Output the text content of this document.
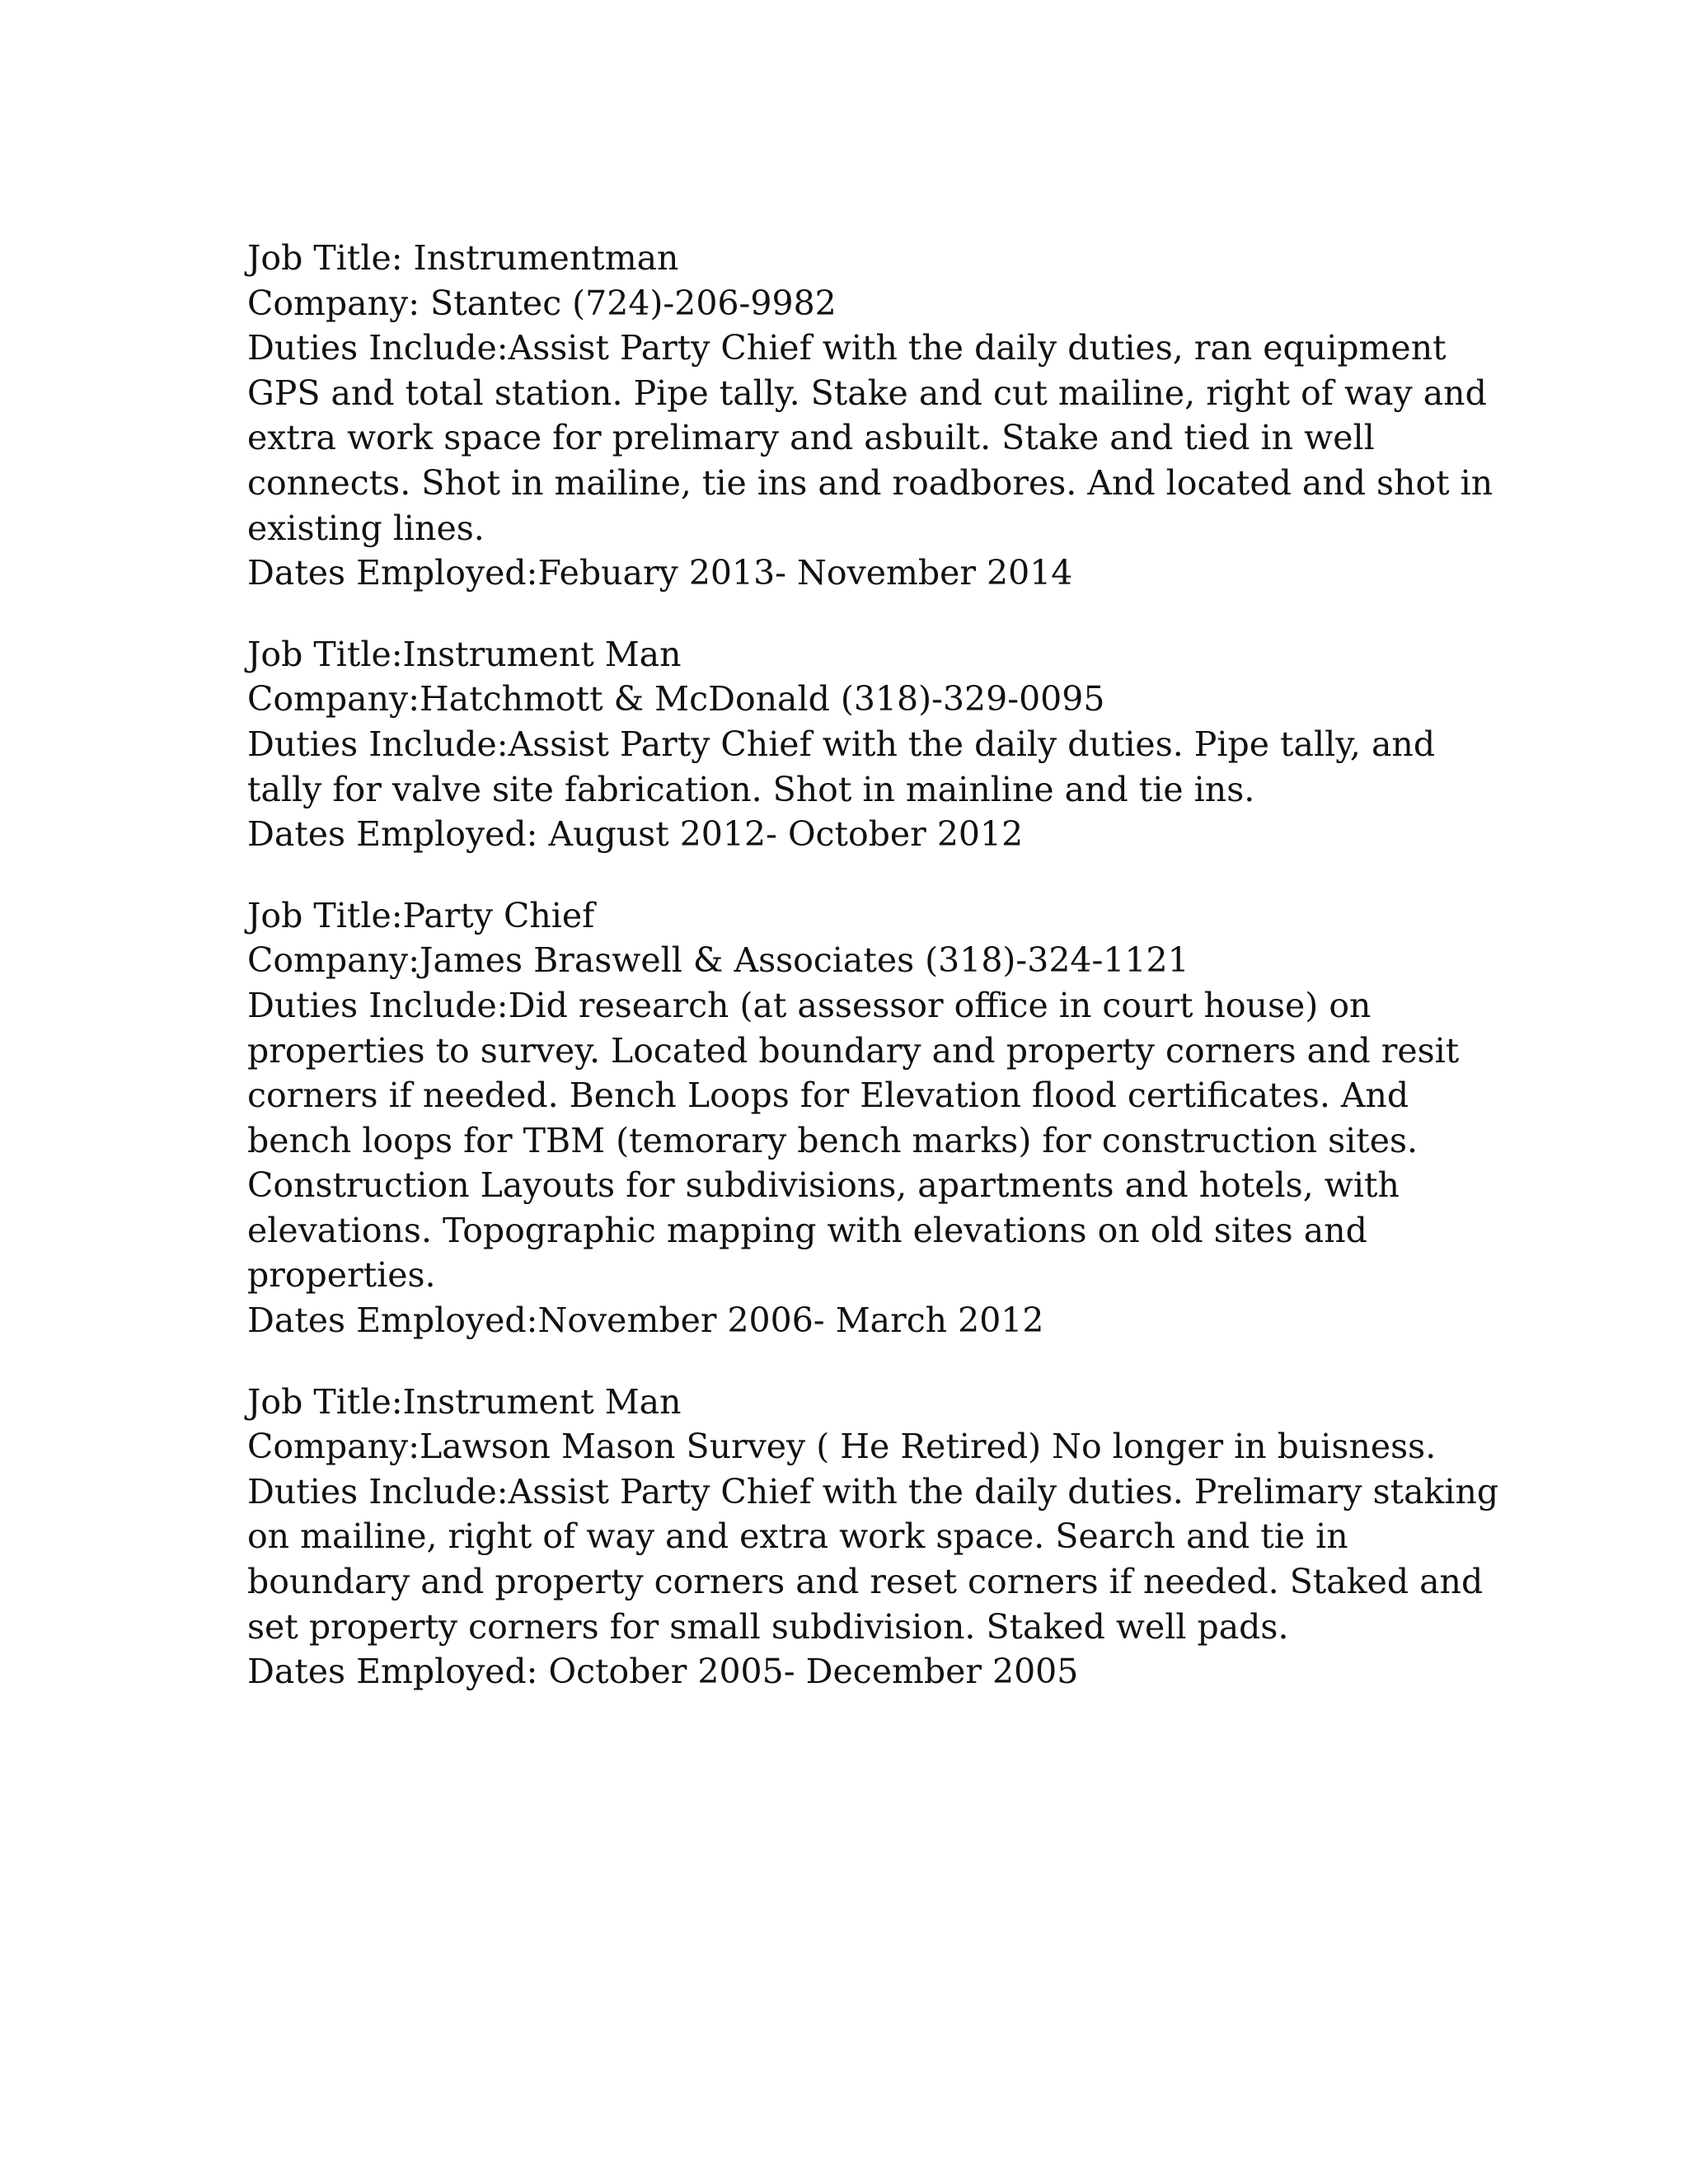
Job Title: Instrumentman
Company: Stantec (724)-206-9982
Duties Include:Assist Party Chief with the daily duties, ran equipment
GPS and total station. Pipe tally. Stake and cut mailine, right of way and
extra work space for prelimary and asbuilt. Stake and tied in well
connects. Shot in mailine, tie ins and roadbores. And located and shot in
existing lines.
Dates Employed:Febuary 2013- November 2014
Job Title:Instrument Man
Company:Hatchmott & McDonald (318)-329-0095
Duties Include:Assist Party Chief with the daily duties. Pipe tally, and
tally for valve site fabrication. Shot in mainline and tie ins.
Dates Employed: August 2012- October 2012
Job Title:Party Chief
Company:James Braswell & Associates (318)-324-1121
Duties Include:Did research (at assessor office in court house) on
properties to survey. Located boundary and property corners and resit
corners if needed. Bench Loops for Elevation flood certificates. And
bench loops for TBM (temorary bench marks) for construction sites.
Construction Layouts for subdivisions, apartments and hotels, with
elevations. Topographic mapping with elevations on old sites and
properties.
Dates Employed:November 2006- March 2012
Job Title:Instrument Man
Company:Lawson Mason Survey ( He Retired) No longer in buisness.
Duties Include:Assist Party Chief with the daily duties. Prelimary staking
on mailine, right of way and extra work space. Search and tie in
boundary and property corners and reset corners if needed. Staked and
set property corners for small subdivision. Staked well pads.
Dates Employed: October 2005- December 2005
